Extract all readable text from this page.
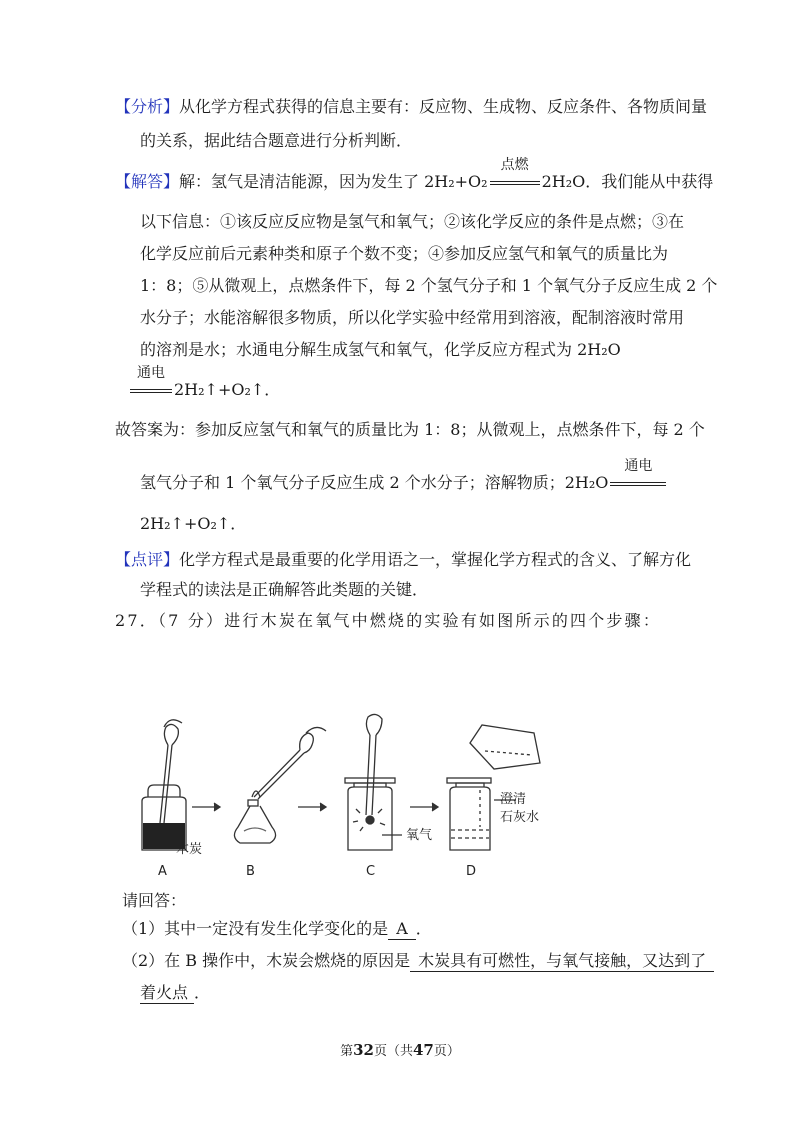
【分析】从化学方程式获得的信息主要有：反应物、生成物、反应条件、各物质间量
的关系，据此结合题意进行分析判断．
【解答】解：氢气是清洁能源，因为发生了 2H₂+O₂
点燃
2H₂O．我们能从中获得
以下信息：①该反应反应物是氢气和氧气；②该化学反应的条件是点燃；③在
化学反应前后元素种类和原子个数不变；④参加反应氢气和氧气的质量比为
1：8；⑤从微观上，点燃条件下，每 2 个氢气分子和 1 个氧气分子反应生成 2 个
水分子；水能溶解很多物质，所以化学实验中经常用到溶液，配制溶液时常用
的溶剂是水；水通电分解生成氢气和氧气，化学反应方程式为 2H₂O
通电
2H₂↑+O₂↑．
故答案为：参加反应氢气和氧气的质量比为 1：8；从微观上，点燃条件下，每 2 个
氢气分子和 1 个氧气分子反应生成 2 个水分子；溶解物质；2H₂O
通电
2H₂↑+O₂↑．
【点评】化学方程式是最重要的化学用语之一，掌握化学方程式的含义、了解方化
学程式的读法是正确解答此类题的关键．
27．（7 分）进行木炭在氧气中燃烧的实验有如图所示的四个步骤：
木炭
氧气
澄清
石灰水
A	B	C	D
请回答：
（1）其中一定没有发生化学变化的是 A ．
（2）在 B 操作中，木炭会燃烧的原因是 木炭具有可燃性，与氧气接触，又达到了
着火点 ．
第32页（共47页）
